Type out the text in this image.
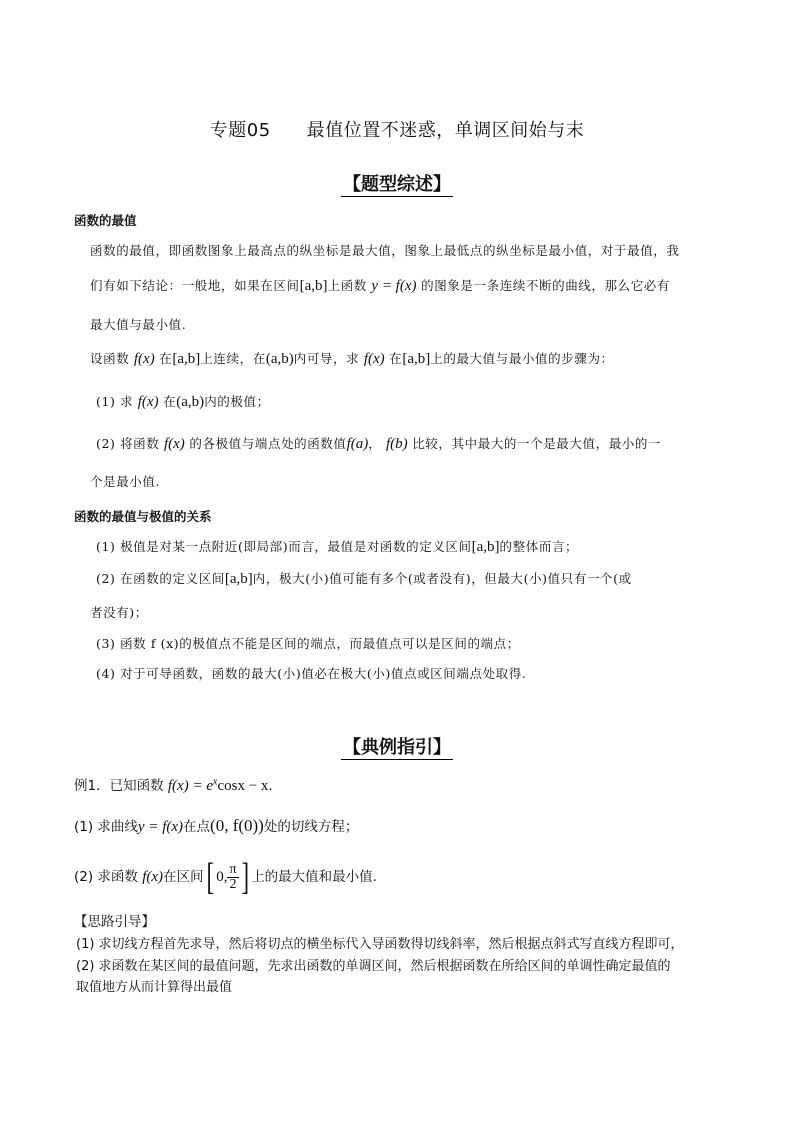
专题05 最值位置不迷惑，单调区间始与末
【题型综述】
函数的最值
函数的最值，即函数图象上最高点的纵坐标是最大值，图象上最低点的纵坐标是最小值，对于最值，我
们有如下结论：一般地，如果在区间[a,b]上函数 y = f(x) 的图象是一条连续不断的曲线，那么它必有
最大值与最小值.
设函数 f(x) 在[a,b]上连续，在(a,b)内可导，求 f(x) 在[a,b]上的最大值与最小值的步骤为：
(1) 求 f(x) 在(a,b)内的极值；
(2) 将函数 f(x) 的各极值与端点处的函数值f(a)， f(b) 比较，其中最大的一个是最大值，最小的一
个是最小值.
函数的最值与极值的关系
(1) 极值是对某一点附近(即局部)而言，最值是对函数的定义区间[a,b]的整体而言；
(2) 在函数的定义区间[a,b]内，极大(小)值可能有多个(或者没有)，但最大(小)值只有一个(或
者没有)；
(3) 函数 f (x)的极值点不能是区间的端点，而最值点可以是区间的端点；
(4) 对于可导函数，函数的最大(小)值必在极大(小)值点或区间端点处取得.
【典例指引】
例1．已知函数 $f(x) = e^x\cos x - x$.
(1) 求曲线y = f(x)在点(0, f(0))处的切线方程；
(2) 求函数 f(x)在区间[ 0, $\frac{\pi}{2}$ ] 上的最大值和最小值.
【思路引导】
(1) 求切线方程首先求导，然后将切点的横坐标代入导函数得切线斜率，然后根据点斜式写直线方程即可，
(2) 求函数在某区间的最值问题，先求出函数的单调区间，然后根据函数在所给区间的单调性确定最值的
取值地方从而计算得出最值
